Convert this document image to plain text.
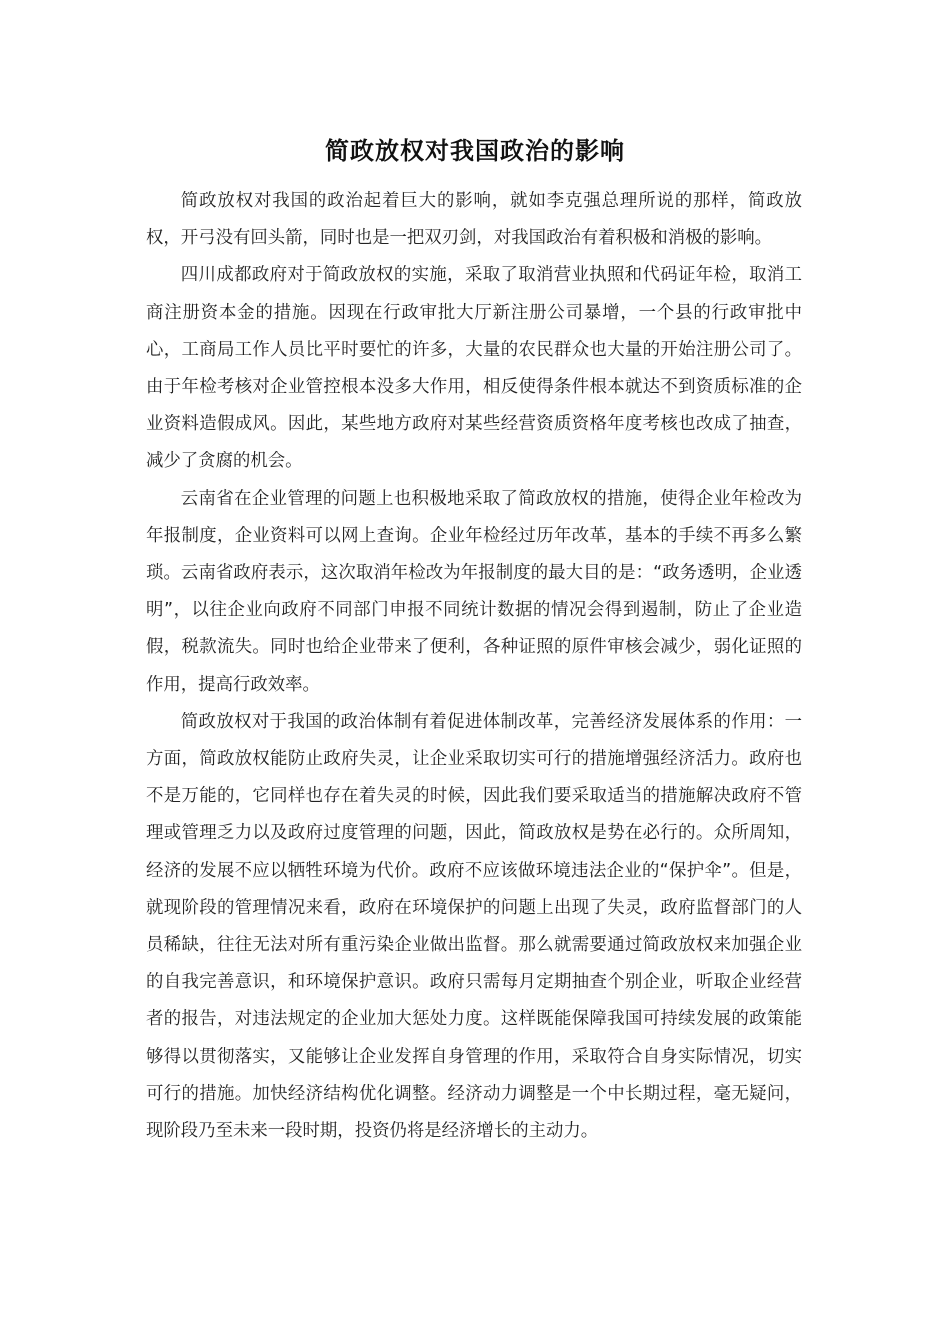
简政放权对我国政治的影响

简政放权对我国的政治起着巨大的影响，就如李克强总理所说的那样，简政放权，开弓没有回头箭，同时也是一把双刃剑，对我国政治有着积极和消极的影响。

四川成都政府对于简政放权的实施，采取了取消营业执照和代码证年检，取消工商注册资本金的措施。因现在行政审批大厅新注册公司暴增，一个县的行政审批中心，工商局工作人员比平时要忙的许多，大量的农民群众也大量的开始注册公司了。由于年检考核对企业管控根本没多大作用，相反使得条件根本就达不到资质标准的企业资料造假成风。因此，某些地方政府对某些经营资质资格年度考核也改成了抽查，减少了贪腐的机会。

云南省在企业管理的问题上也积极地采取了简政放权的措施，使得企业年检改为年报制度，企业资料可以网上查询。企业年检经过历年改革，基本的手续不再多么繁琐。云南省政府表示，这次取消年检改为年报制度的最大目的是：“政务透明，企业透明”，以往企业向政府不同部门申报不同统计数据的情况会得到遏制，防止了企业造假，税款流失。同时也给企业带来了便利，各种证照的原件审核会减少，弱化证照的作用，提高行政效率。

简政放权对于我国的政治体制有着促进体制改革，完善经济发展体系的作用：一方面，简政放权能防止政府失灵，让企业采取切实可行的措施增强经济活力。政府也不是万能的，它同样也存在着失灵的时候，因此我们要采取适当的措施解决政府不管理或管理乏力以及政府过度管理的问题，因此，简政放权是势在必行的。众所周知，经济的发展不应以牺牲环境为代价。政府不应该做环境违法企业的“保护伞”。但是，就现阶段的管理情况来看，政府在环境保护的问题上出现了失灵，政府监督部门的人员稀缺，往往无法对所有重污染企业做出监督。那么就需要通过简政放权来加强企业的自我完善意识，和环境保护意识。政府只需每月定期抽查个别企业，听取企业经营者的报告，对违法规定的企业加大惩处力度。这样既能保障我国可持续发展的政策能够得以贯彻落实，又能够让企业发挥自身管理的作用，采取符合自身实际情况，切实可行的措施。加快经济结构优化调整。经济动力调整是一个中长期过程，毫无疑问，现阶段乃至未来一段时期，投资仍将是经济增长的主动力。
